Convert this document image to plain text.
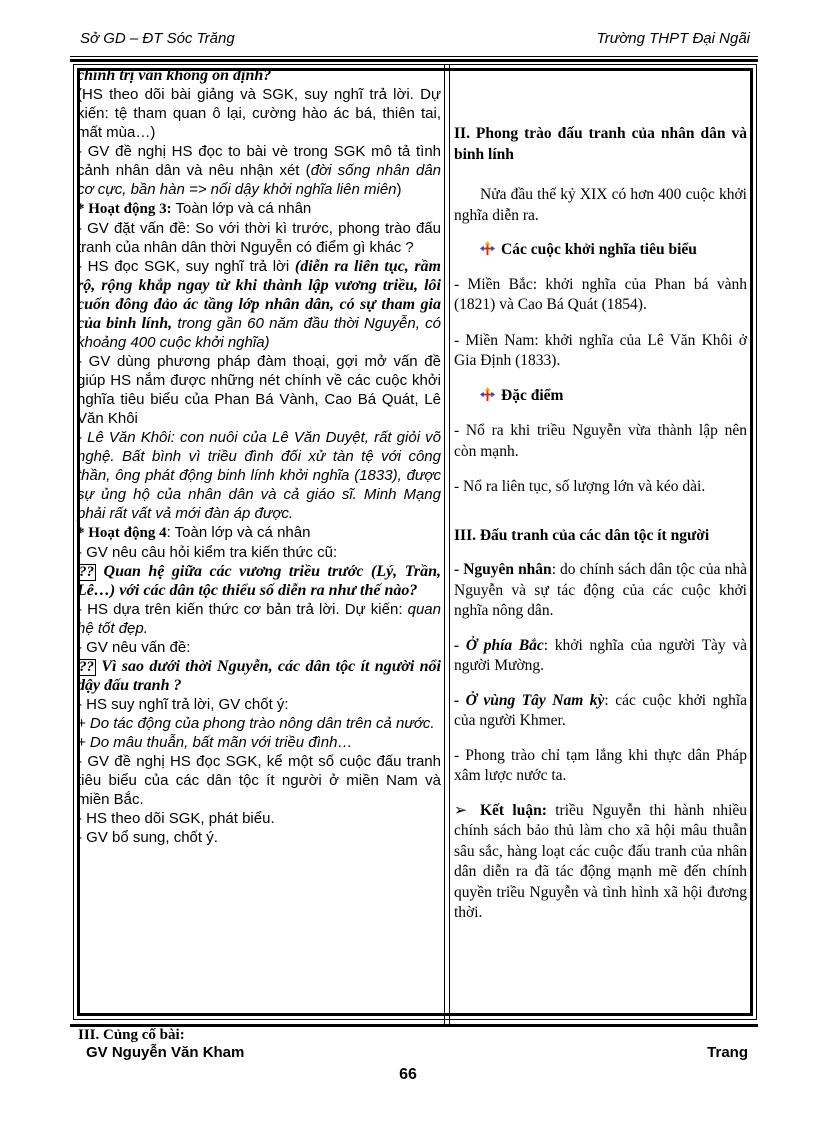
Sở GD – ĐT Sóc Trăng	Trường THPT Đại Ngãi

chính trị vẫn không ổn định?

(HS theo dõi bài giảng và SGK, suy nghĩ trả lời. Dự kiến: tệ tham quan ô lại, cường hào ác bá, thiên tai, mất mùa…)

- GV đề nghị HS đọc to bài vè trong SGK mô tả tình cảnh nhân dân và nêu nhận xét (đời sống nhân dân cơ cực, bần hàn => nổi dậy khởi nghĩa liên miên)

* Hoạt động 3: Toàn lớp và cá nhân

- GV đặt vấn đề: So với thời kì trước, phong trào đấu tranh của nhân dân thời Nguyễn có điểm gì khác ?

- HS đọc SGK, suy nghĩ trả lời (diễn ra liên tục, rầm rộ, rộng khắp ngay từ khi thành lập vương triều, lôi cuốn đông đảo ác tầng lớp nhân dân, có sự tham gia của binh lính, trong gần 60 năm đầu thời Nguyễn, có khoảng 400 cuộc khởi nghĩa)

- GV dùng phương pháp đàm thoại, gợi mở vấn đề giúp HS nắm được những nét chính về các cuộc khởi nghĩa tiêu biểu của Phan Bá Vành, Cao Bá Quát, Lê Văn Khôi

- Lê Văn Khôi: con nuôi của Lê Văn Duyệt, rất giỏi võ nghệ. Bất bình vì triều đình đối xử tàn tệ với công thần, ông phát động binh lính khởi nghĩa (1833), được sự ủng hộ của nhân dân và cả giáo sĩ. Minh Mạng phải rất vất vả mới đàn áp được.

* Hoạt động 4: Toàn lớp và cá nhân

- GV nêu câu hỏi kiểm tra kiến thức cũ:

?? Quan hệ giữa các vương triều trước (Lý, Trần, Lê…) với các dân tộc thiểu số diễn ra như thế nào?

- HS dựa trên kiến thức cơ bản trả lời. Dự kiến: quan hệ tốt đẹp.

- GV nêu vấn đề:

?? Vì sao dưới thời Nguyễn, các dân tộc ít người nổi dậy đấu tranh ?

- HS suy nghĩ trả lời, GV chốt ý:

+ Do tác động của phong trào nông dân trên cả nước.

+ Do mâu thuẫn, bất mãn với triều đình…

- GV đề nghị HS đọc SGK, kể một số cuộc đấu tranh tiêu biểu của các dân tộc ít người ở miền Nam và miền Bắc.

- HS theo dõi SGK, phát biểu.

- GV bổ sung, chốt ý.

II. Phong trào đấu tranh của nhân dân và binh lính

Nửa đầu thế kỷ XIX có hơn 400 cuộc khởi nghĩa diễn ra.

Các cuộc khởi nghĩa tiêu biểu

- Miền Bắc: khởi nghĩa của Phan bá vành (1821) và Cao Bá Quát (1854).

- Miền Nam: khởi nghĩa của Lê Văn Khôi ở Gia Định (1833).

Đặc điểm

- Nổ ra khi triều Nguyễn vừa thành lập nên còn mạnh.

- Nổ ra liên tục, số lượng lớn và kéo dài.

III. Đấu tranh của các dân tộc ít người

- Nguyên nhân: do chính sách dân tộc của nhà Nguyễn và sự tác động của các cuộc khởi nghĩa nông dân.

- Ở phía Bắc: khởi nghĩa của người Tày và người Mường.

- Ở vùng Tây Nam kỳ: các cuộc khởi nghĩa của người Khmer.

- Phong trào chỉ tạm lắng khi thực dân Pháp xâm lược nước ta.

➢ Kết luận: triều Nguyễn thi hành nhiều chính sách bảo thủ làm cho xã hội mâu thuẫn sâu sắc, hàng loạt các cuộc đấu tranh của nhân dân diễn ra đã tác động mạnh mẽ đến chính quyền triều Nguyễn và tình hình xã hội đương thời.

III. Củng cố bài:
GV Nguyễn Văn Kham	Trang
66
